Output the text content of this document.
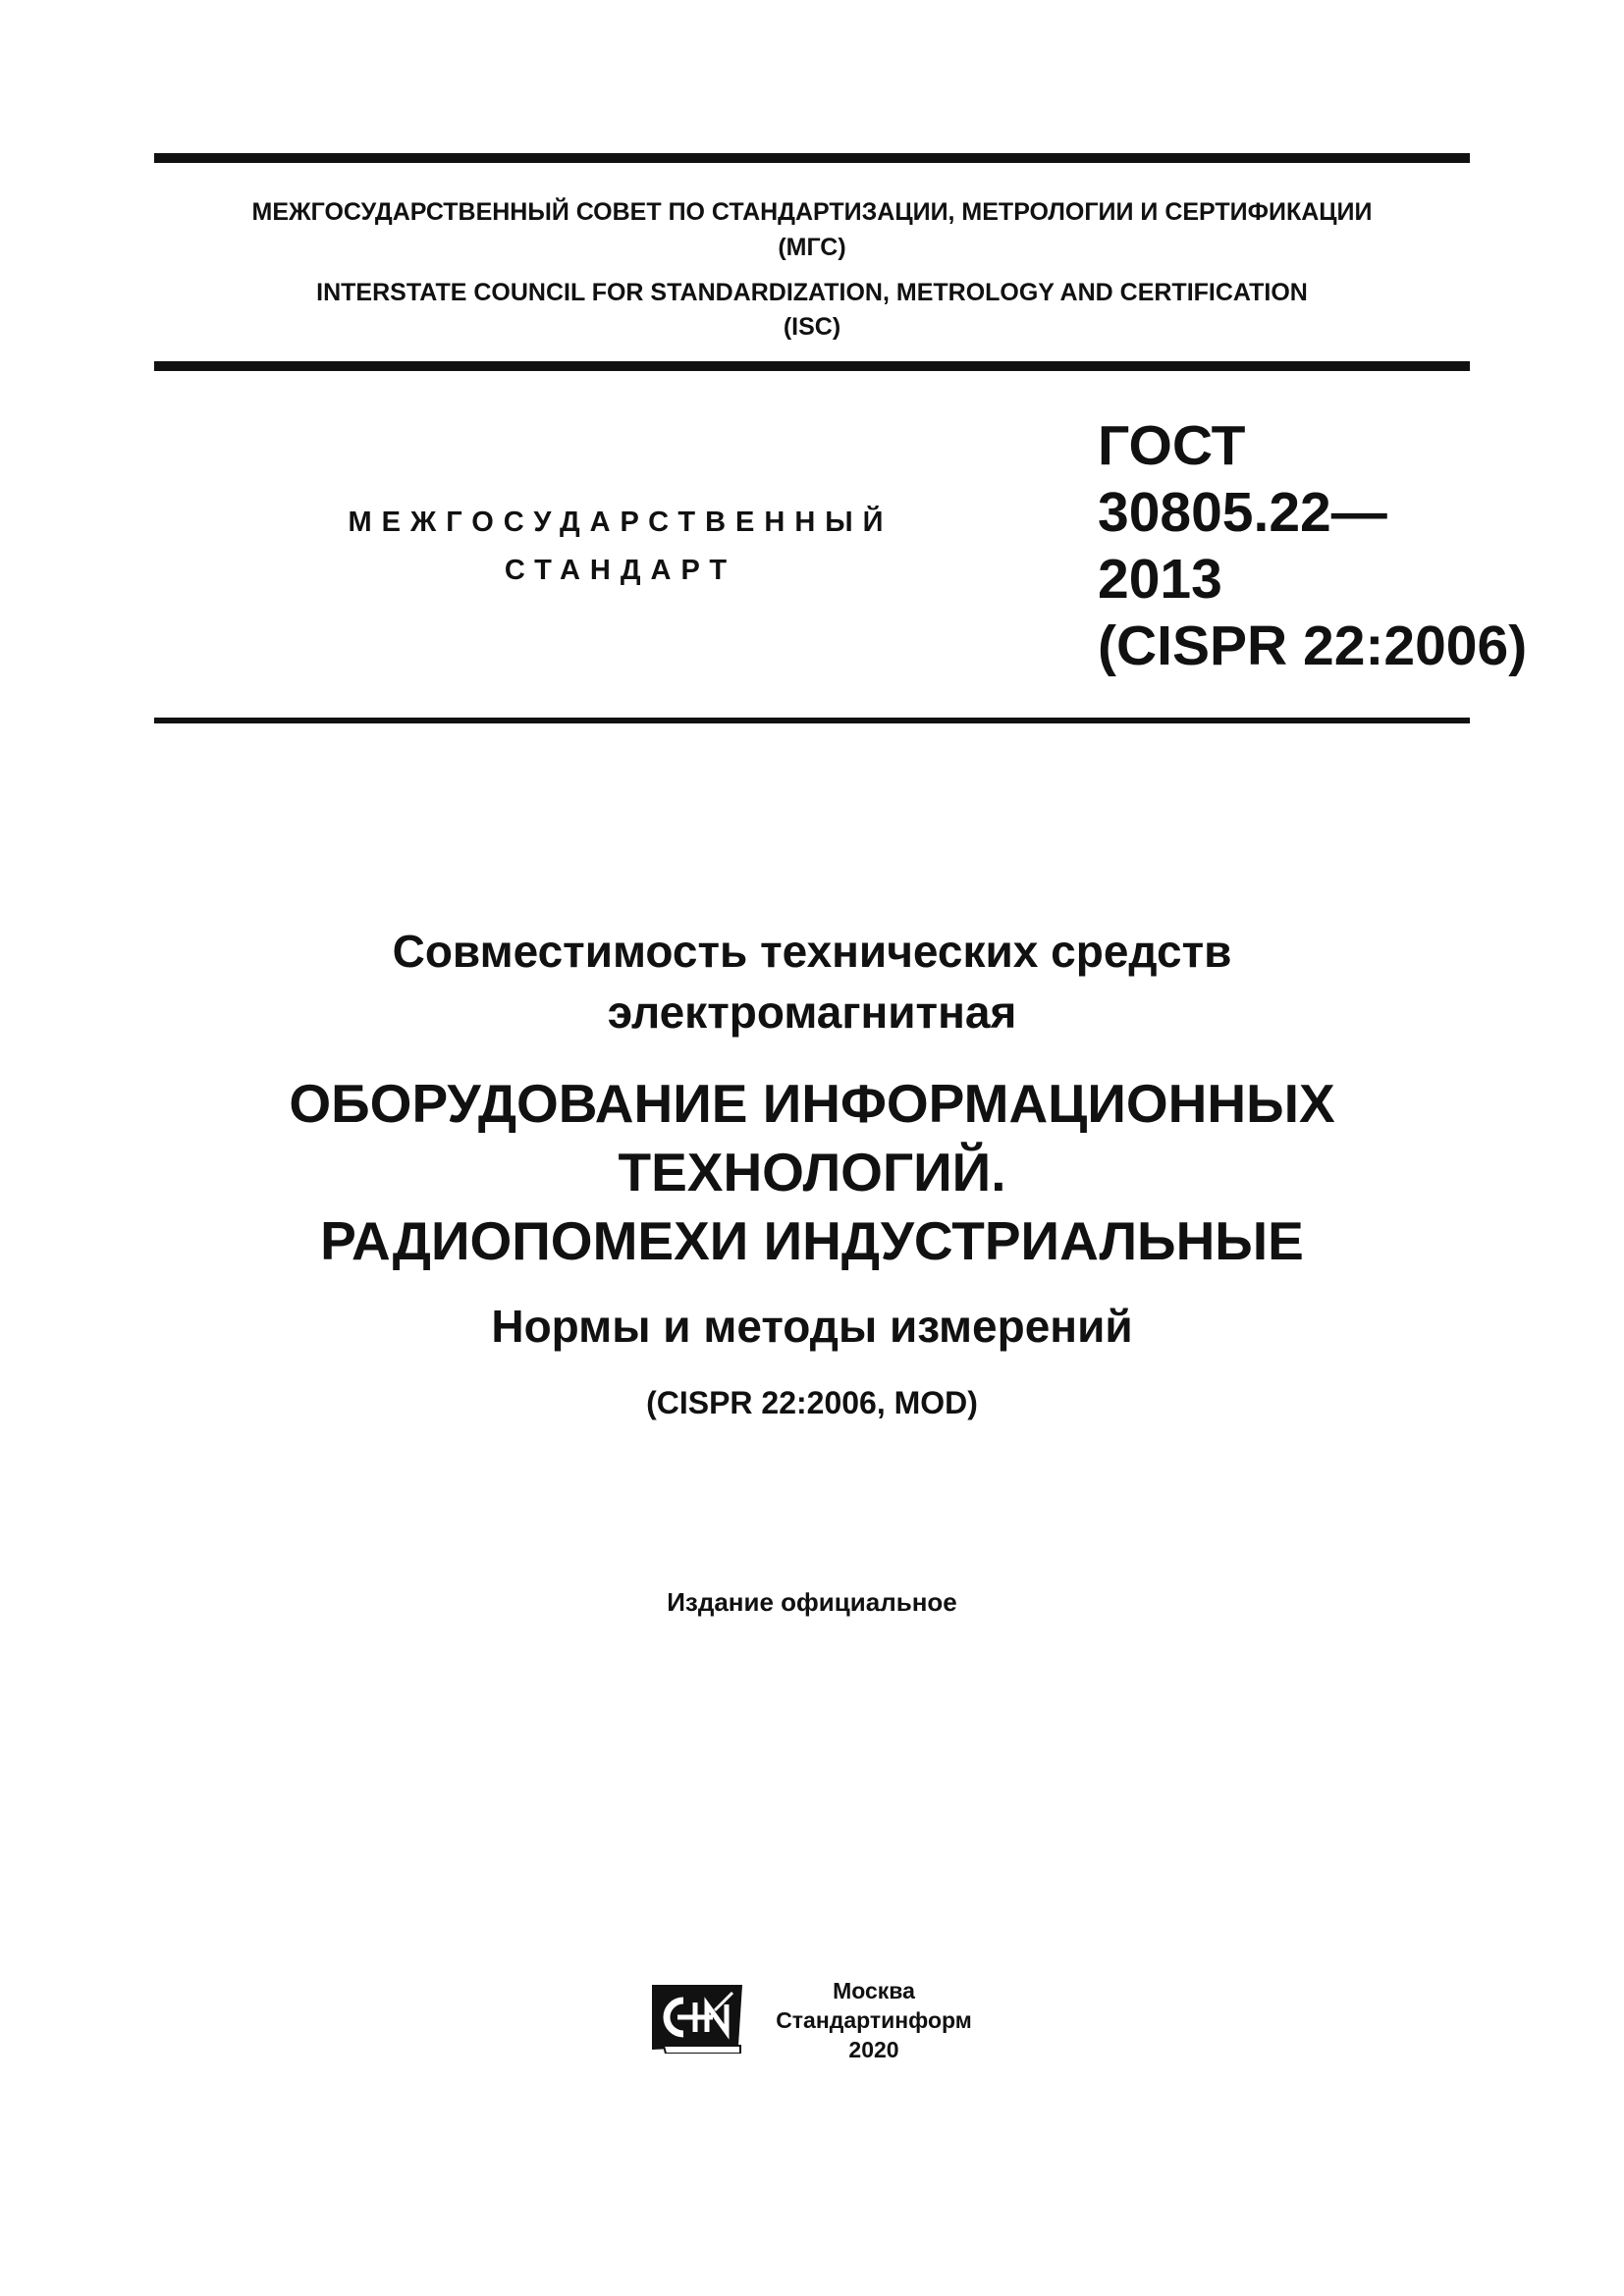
МЕЖГОСУДАРСТВЕННЫЙ СОВЕТ ПО СТАНДАРТИЗАЦИИ, МЕТРОЛОГИИ И СЕРТИФИКАЦИИ
(МГС)
INTERSTATE COUNCIL FOR STANDARDIZATION, METROLOGY AND CERTIFICATION
(ISC)
МЕЖГОСУДАРСТВЕННЫЙ
СТАНДАРТ
ГОСТ
30805.22—
2013
(CISPR 22:2006)
Совместимость технических средств
электромагнитная
ОБОРУДОВАНИЕ ИНФОРМАЦИОННЫХ
ТЕХНОЛОГИЙ.
РАДИОПОМЕХИ ИНДУСТРИАЛЬНЫЕ
Нормы и методы измерений
(CISPR 22:2006, MOD)
Издание официальное
Москва
Стандартинформ
2020
